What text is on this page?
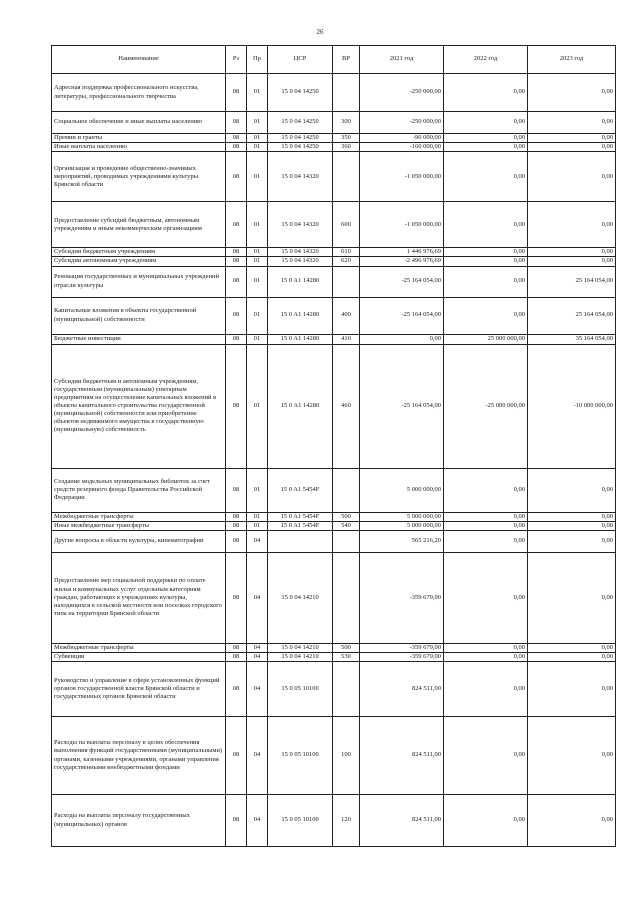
26
Наименование	Рз	Пр	ЦСР	ВР	2021 год	2022 год	2023 год
Адресная поддержка профессионального искусства, литературы, профессионального творчества	08	01	15 0 04 14250		-250 000,00	0,00	0,00
Социальное обеспечение и иные выплаты населению	08	01	15 0 04 14250	300	-250 000,00	0,00	0,00
Премии и гранты	08	01	15 0 04 14250	350	-90 000,00	0,00	0,00
Иные выплаты населению	08	01	15 0 04 14250	360	-160 000,00	0,00	0,00
Организация и проведение общественно-значимых мероприятий, проводимых учреждениями культуры Брянской области	08	01	15 0 04 14320		-1 050 000,00	0,00	0,00
Предоставление субсидий бюджетным, автономным учреждениям и иным некоммерческим организациям	08	01	15 0 04 14320	600	-1 050 000,00	0,00	0,00
Субсидии бюджетным учреждениям	08	01	15 0 04 14320	610	1 446 976,69	0,00	0,00
Субсидии автономным учреждениям	08	01	15 0 04 14320	620	-2 496 976,69	0,00	0,00
Реновация государственных и муниципальных учреждений отрасли культуры	08	01	15 0 A1 14280		-25 164 054,00	0,00	25 164 054,00
Капитальные вложения в объекты государственной (муниципальной) собственности	08	01	15 0 A1 14280	400	-25 164 054,00	0,00	25 164 054,00
Бюджетные инвестиции	08	01	15 0 A1 14280	410	0,00	25 000 000,00	35 164 054,00
Субсидии бюджетным и автономным учреждениям, государственным (муниципальным) унитарным предприятиям на осуществление капитальных вложений в объекты капитального строительства государственной (муниципальной) собственности или приобретение объектов недвижимого имущества в государственную (муниципальную) собственность	08	01	15 0 A1 14280	460	-25 164 054,00	-25 000 000,00	-10 000 000,00
Создание модельных муниципальных библиотек за счет средств резервного фонда Правительства Российской Федерации	08	01	15 0 A1 5454F		5 000 000,00	0,00	0,00
Межбюджетные трансферты	08	01	15 0 A1 5454F	500	5 000 000,00	0,00	0,00
Иные межбюджетные трансферты	08	01	15 0 A1 5454F	540	5 000 000,00	0,00	0,00
Другие вопросы в области культуры, кинематографии	08	04			565 216,20	0,00	0,00
Предоставление мер социальной поддержки по оплате жилья и коммунальных услуг отдельным категориям граждан, работающих в учреждениях культуры, находящихся в сельской местности или поселках городского типа на территории Брянской области	08	04	15 0 04 14210		-359 679,00	0,00	0,00
Межбюджетные трансферты	08	04	15 0 04 14210	500	-359 679,00	0,00	0,00
Субвенции	08	04	15 0 04 14210	530	-359 679,00	0,00	0,00
Руководство и управление в сфере установленных функций органов государственной власти Брянской области и государственных органов Брянской области	08	04	15 0 05 10100		824 511,00	0,00	0,00
Расходы на выплаты персоналу в целях обеспечения выполнения функций государственными (муниципальными) органами, казенными учреждениями, органами управления государственными внебюджетными фондами	08	04	15 0 05 10100	100	824 511,00	0,00	0,00
Расходы на выплаты персоналу государственных (муниципальных) органов	08	04	15 0 05 10100	120	824 511,00	0,00	0,00
